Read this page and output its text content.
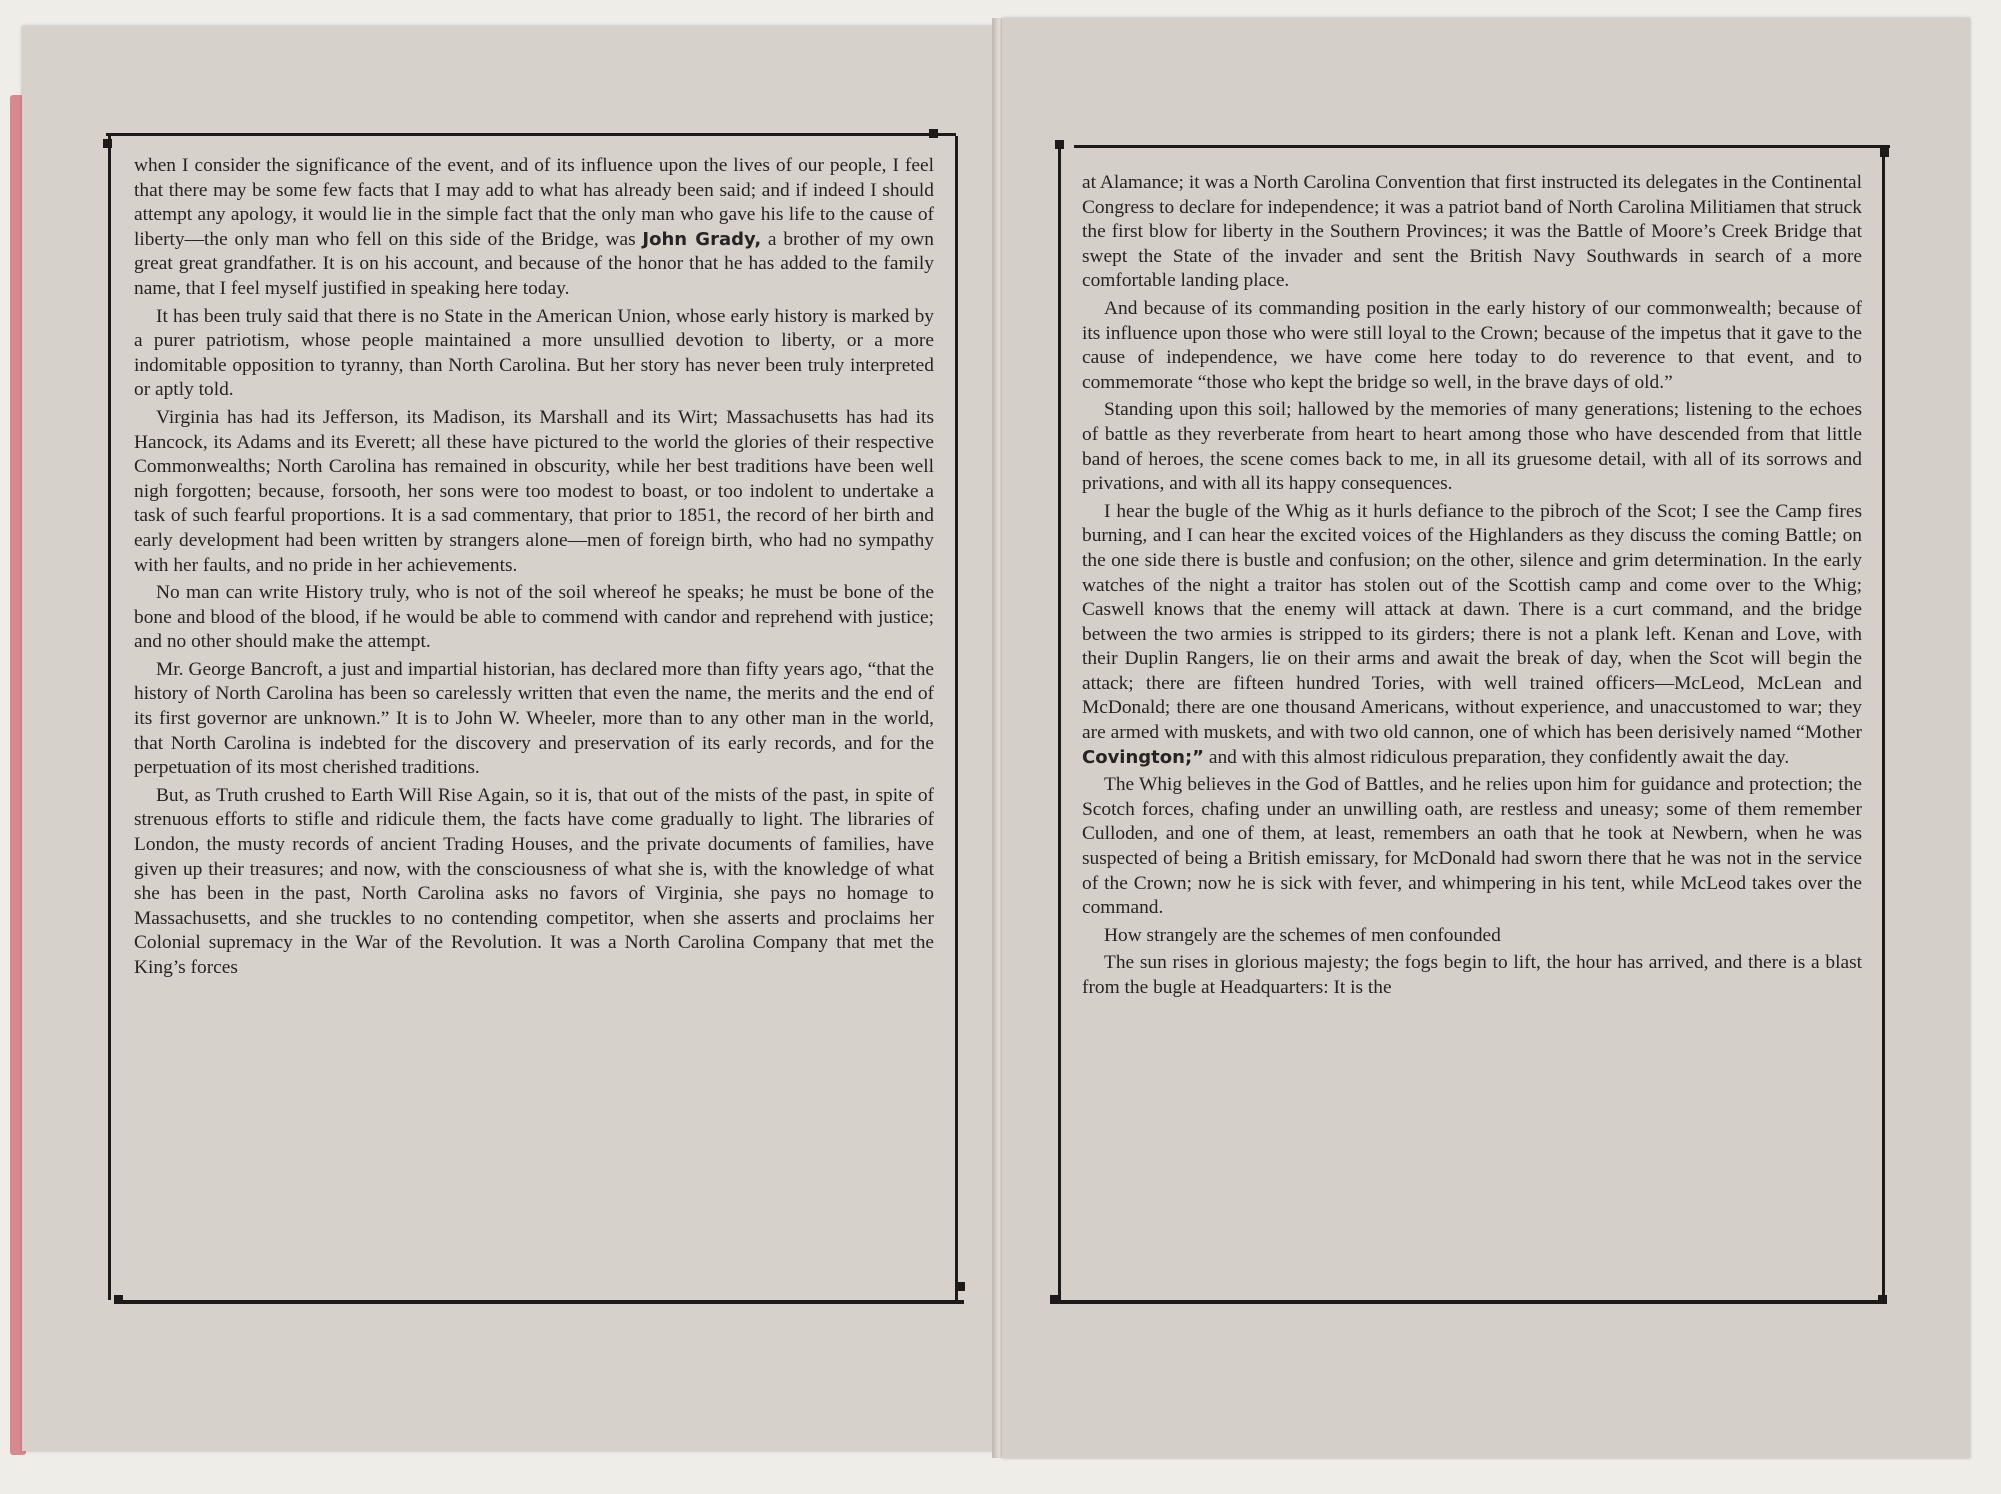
when I consider the significance of the event, and of its influence upon the lives of our people, I feel that there may be some few facts that I may add to what has already been said; and if indeed I should attempt any apology, it would lie in the simple fact that the only man who gave his life to the cause of liberty—the only man who fell on this side of the Bridge, was John Grady, a brother of my own great great grandfather. It is on his account, and because of the honor that he has added to the family name, that I feel myself justified in speaking here today.

It has been truly said that there is no State in the American Union, whose early history is marked by a purer patriotism, whose people maintained a more unsullied devotion to liberty, or a more indomitable opposition to tyranny, than North Carolina. But her story has never been truly interpreted or aptly told.

Virginia has had its Jefferson, its Madison, its Marshall and its Wirt; Massachusetts has had its Hancock, its Adams and its Everett; all these have pictured to the world the glories of their respective Commonwealths; North Carolina has remained in obscurity, while her best traditions have been well nigh forgotten; because, forsooth, her sons were too modest to boast, or too indolent to undertake a task of such fearful proportions. It is a sad commentary, that prior to 1851, the record of her birth and early development had been written by strangers alone—men of foreign birth, who had no sympathy with her faults, and no pride in her achievements.

No man can write History truly, who is not of the soil whereof he speaks; he must be bone of the bone and blood of the blood, if he would be able to commend with candor and reprehend with justice; and no other should make the attempt.

Mr. George Bancroft, a just and impartial historian, has declared more than fifty years ago, “that the history of North Carolina has been so carelessly written that even the name, the merits and the end of its first governor are unknown.” It is to John W. Wheeler, more than to any other man in the world, that North Carolina is indebted for the discovery and preservation of its early records, and for the perpetuation of its most cherished traditions.

But, as Truth crushed to Earth Will Rise Again, so it is, that out of the mists of the past, in spite of strenuous efforts to stifle and ridicule them, the facts have come gradually to light. The libraries of London, the musty records of ancient Trading Houses, and the private documents of families, have given up their treasures; and now, with the consciousness of what she is, with the knowledge of what she has been in the past, North Carolina asks no favors of Virginia, she pays no homage to Massachusetts, and she truckles to no contending competitor, when she asserts and proclaims her Colonial supremacy in the War of the Revolution. It was a North Carolina Company that met the King’s forces

at Alamance; it was a North Carolina Convention that first instructed its delegates in the Continental Congress to declare for independence; it was a patriot band of North Carolina Militiamen that struck the first blow for liberty in the Southern Provinces; it was the Battle of Moore’s Creek Bridge that swept the State of the invader and sent the British Navy Southwards in search of a more comfortable landing place.

And because of its commanding position in the early history of our commonwealth; because of its influence upon those who were still loyal to the Crown; because of the impetus that it gave to the cause of independence, we have come here today to do reverence to that event, and to commemorate “those who kept the bridge so well, in the brave days of old.”

Standing upon this soil; hallowed by the memories of many generations; listening to the echoes of battle as they reverberate from heart to heart among those who have descended from that little band of heroes, the scene comes back to me, in all its gruesome detail, with all of its sorrows and privations, and with all its happy consequences.

I hear the bugle of the Whig as it hurls defiance to the pibroch of the Scot; I see the Camp fires burning, and I can hear the excited voices of the Highlanders as they discuss the coming Battle; on the one side there is bustle and confusion; on the other, silence and grim determination. In the early watches of the night a traitor has stolen out of the Scottish camp and come over to the Whig; Caswell knows that the enemy will attack at dawn. There is a curt command, and the bridge between the two armies is stripped to its girders; there is not a plank left. Kenan and Love, with their Duplin Rangers, lie on their arms and await the break of day, when the Scot will begin the attack; there are fifteen hundred Tories, with well trained officers—McLeod, McLean and McDonald; there are one thousand Americans, without experience, and unaccustomed to war; they are armed with muskets, and with two old cannon, one of which has been derisively named “Mother Covington;” and with this almost ridiculous preparation, they confidently await the day.

The Whig believes in the God of Battles, and he relies upon him for guidance and protection; the Scotch forces, chafing under an unwilling oath, are restless and uneasy; some of them remember Culloden, and one of them, at least, remembers an oath that he took at Newbern, when he was suspected of being a British emissary, for McDonald had sworn there that he was not in the service of the Crown; now he is sick with fever, and whimpering in his tent, while McLeod takes over the command.

How strangely are the schemes of men confounded

The sun rises in glorious majesty; the fogs begin to lift, the hour has arrived, and there is a blast from the bugle at Headquarters: It is the
